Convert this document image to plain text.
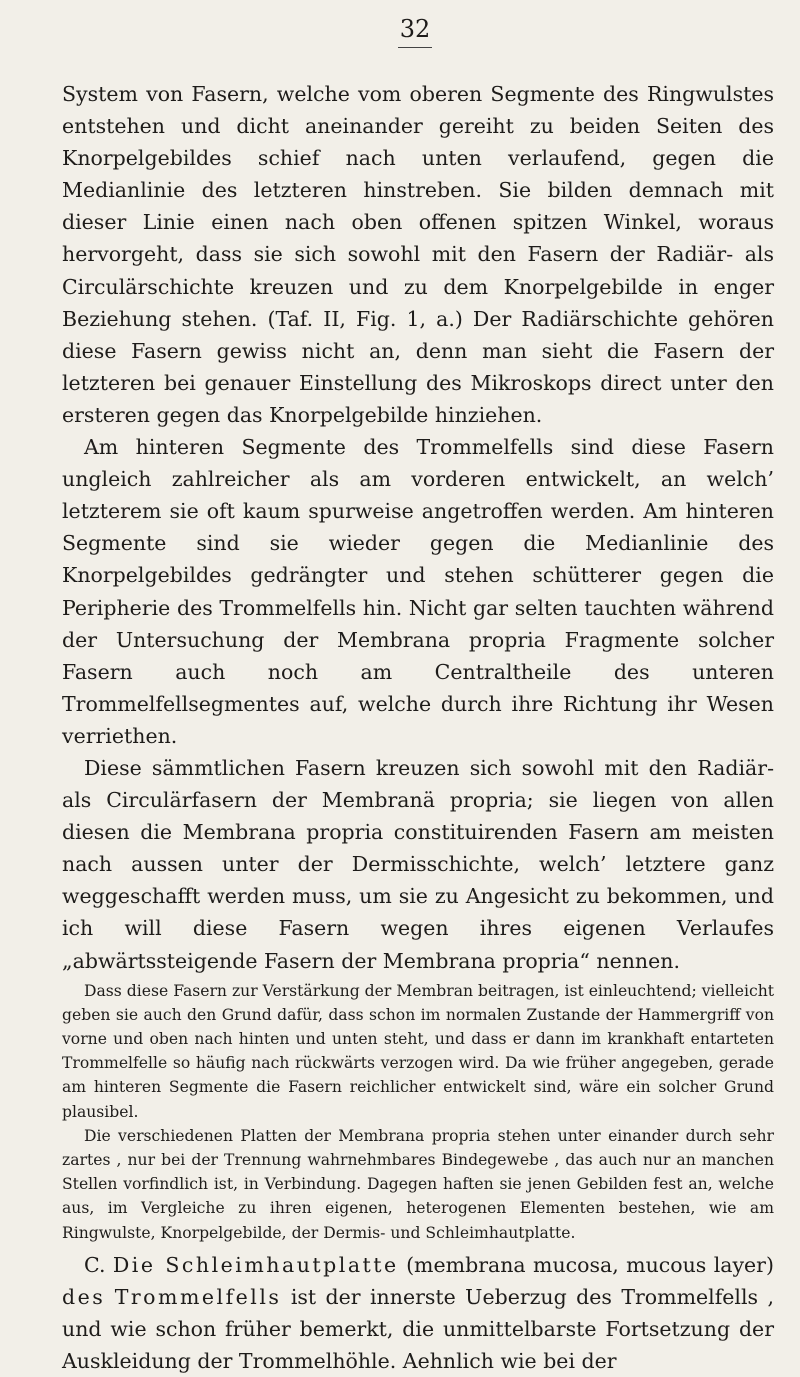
32

System von Fasern, welche vom oberen Segmente des Ringwulstes entstehen und dicht aneinander gereiht zu beiden Seiten des Knorpelgebildes schief nach unten verlaufend, gegen die Medianlinie des letzteren hinstreben. Sie bilden demnach mit dieser Linie einen nach oben offenen spitzen Winkel, woraus hervorgeht, dass sie sich sowohl mit den Fasern der Radiär- als Circulärschichte kreuzen und zu dem Knorpelgebilde in enger Beziehung stehen. (Taf. II, Fig. 1, a.) Der Radiärschichte gehören diese Fasern gewiss nicht an, denn man sieht die Fasern der letzteren bei genauer Einstellung des Mikroskops direct unter den ersteren gegen das Knorpelgebilde hinziehen.

Am hinteren Segmente des Trommelfells sind diese Fasern ungleich zahlreicher als am vorderen entwickelt, an welch’ letzterem sie oft kaum spurweise angetroffen werden. Am hinteren Segmente sind sie wieder gegen die Medianlinie des Knorpelgebildes gedrängter und stehen schütterer gegen die Peripherie des Trommelfells hin. Nicht gar selten tauchten während der Untersuchung der Membrana propria Fragmente solcher Fasern auch noch am Centraltheile des unteren Trommelfellsegmentes auf, welche durch ihre Richtung ihr Wesen verriethen.

Diese sämmtlichen Fasern kreuzen sich sowohl mit den Radiär- als Circulärfasern der Membranä propria; sie liegen von allen diesen die Membrana propria constituirenden Fasern am meisten nach aussen unter der Dermisschichte, welch’ letztere ganz weggeschafft werden muss, um sie zu Angesicht zu bekommen, und ich will diese Fasern wegen ihres eigenen Verlaufes „abwärtssteigende Fasern der Membrana propria“ nennen.

Dass diese Fasern zur Verstärkung der Membran beitragen, ist einleuchtend; vielleicht geben sie auch den Grund dafür, dass schon im normalen Zustande der Hammergriff von vorne und oben nach hinten und unten steht, und dass er dann im krankhaft entarteten Trommelfelle so häufig nach rückwärts verzogen wird. Da wie früher angegeben, gerade am hinteren Segmente die Fasern reichlicher entwickelt sind, wäre ein solcher Grund plausibel.

Die verschiedenen Platten der Membrana propria stehen unter einander durch sehr zartes , nur bei der Trennung wahrnehmbares Bindegewebe , das auch nur an manchen Stellen vorfindlich ist, in Verbindung. Dagegen haften sie jenen Gebilden fest an, welche aus, im Vergleiche zu ihren eigenen, heterogenen Elementen bestehen, wie am Ringwulste, Knorpelgebilde, der Dermis- und Schleimhautplatte.

C. Die Schleimhautplatte (membrana mucosa, mucous layer) des Trommelfells ist der innerste Ueberzug des Trommelfells , und wie schon früher bemerkt, die unmittelbarste Fortsetzung der Auskleidung der Trommelhöhle. Aehnlich wie bei der
